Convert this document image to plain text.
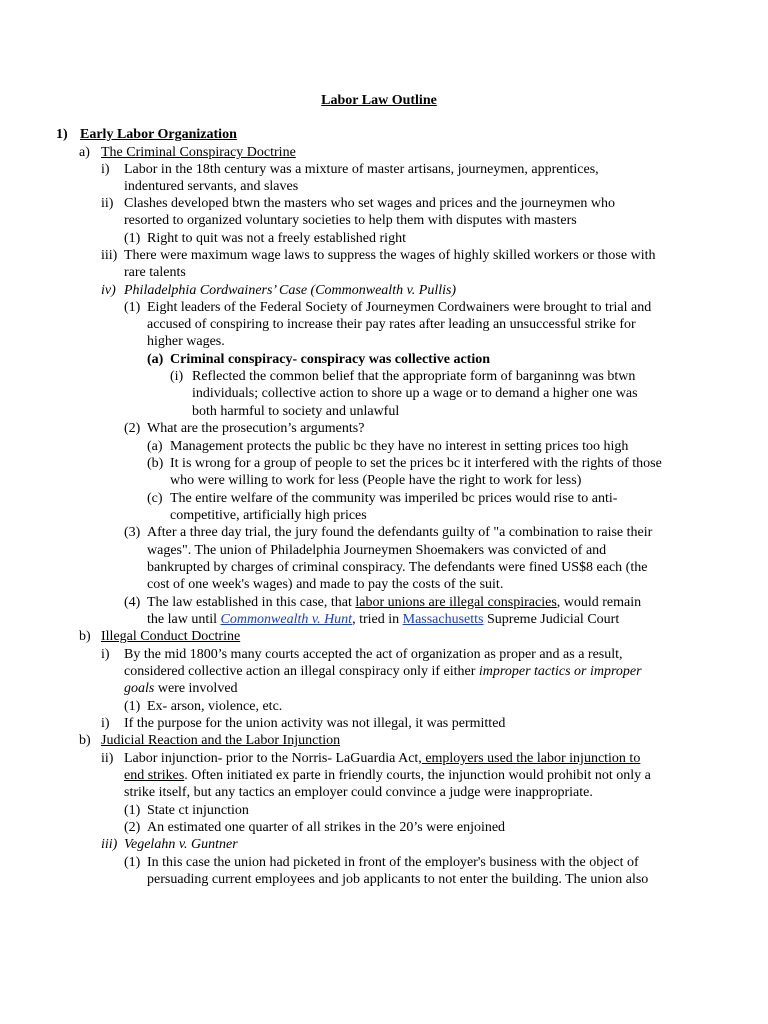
Labor Law Outline
1) Early Labor Organization
a) The Criminal Conspiracy Doctrine
i) Labor in the 18th century was a mixture of master artisans, journeymen, apprentices,
indentured servants, and slaves
ii) Clashes developed btwn the masters who set wages and prices and the journeymen who
resorted to organized voluntary societies to help them with disputes with masters
(1) Right to quit was not a freely established right
iii) There were maximum wage laws to suppress the wages of highly skilled workers or those with
rare talents
iv) Philadelphia Cordwainers’ Case (Commonwealth v. Pullis)
(1) Eight leaders of the Federal Society of Journeymen Cordwainers were brought to trial and
accused of conspiring to increase their pay rates after leading an unsuccessful strike for
higher wages.
(a) Criminal conspiracy- conspiracy was collective action
(i) Reflected the common belief that the appropriate form of barganinng was btwn
individuals; collective action to shore up a wage or to demand a higher one was
both harmful to society and unlawful
(2) What are the prosecution’s arguments?
(a) Management protects the public bc they have no interest in setting prices too high
(b) It is wrong for a group of people to set the prices bc it interfered with the rights of those
who were willing to work for less (People have the right to work for less)
(c) The entire welfare of the community was imperiled bc prices would rise to anti-
competitive, artificially high prices
(3) After a three day trial, the jury found the defendants guilty of "a combination to raise their
wages". The union of Philadelphia Journeymen Shoemakers was convicted of and
bankrupted by charges of criminal conspiracy. The defendants were fined US$8 each (the
cost of one week's wages) and made to pay the costs of the suit.
(4) The law established in this case, that labor unions are illegal conspiracies, would remain
the law until Commonwealth v. Hunt, tried in Massachusetts Supreme Judicial Court
b) Illegal Conduct Doctrine
i) By the mid 1800’s many courts accepted the act of organization as proper and as a result,
considered collective action an illegal conspiracy only if either improper tactics or improper
goals were involved
(1) Ex- arson, violence, etc.
i) If the purpose for the union activity was not illegal, it was permitted
b) Judicial Reaction and the Labor Injunction
ii) Labor injunction- prior to the Norris- LaGuardia Act, employers used the labor injunction to
end strikes. Often initiated ex parte in friendly courts, the injunction would prohibit not only a
strike itself, but any tactics an employer could convince a judge were inappropriate.
(1) State ct injunction
(2) An estimated one quarter of all strikes in the 20’s were enjoined
iii) Vegelahn v. Guntner
(1) In this case the union had picketed in front of the employer's business with the object of
persuading current employees and job applicants to not enter the building. The union also
